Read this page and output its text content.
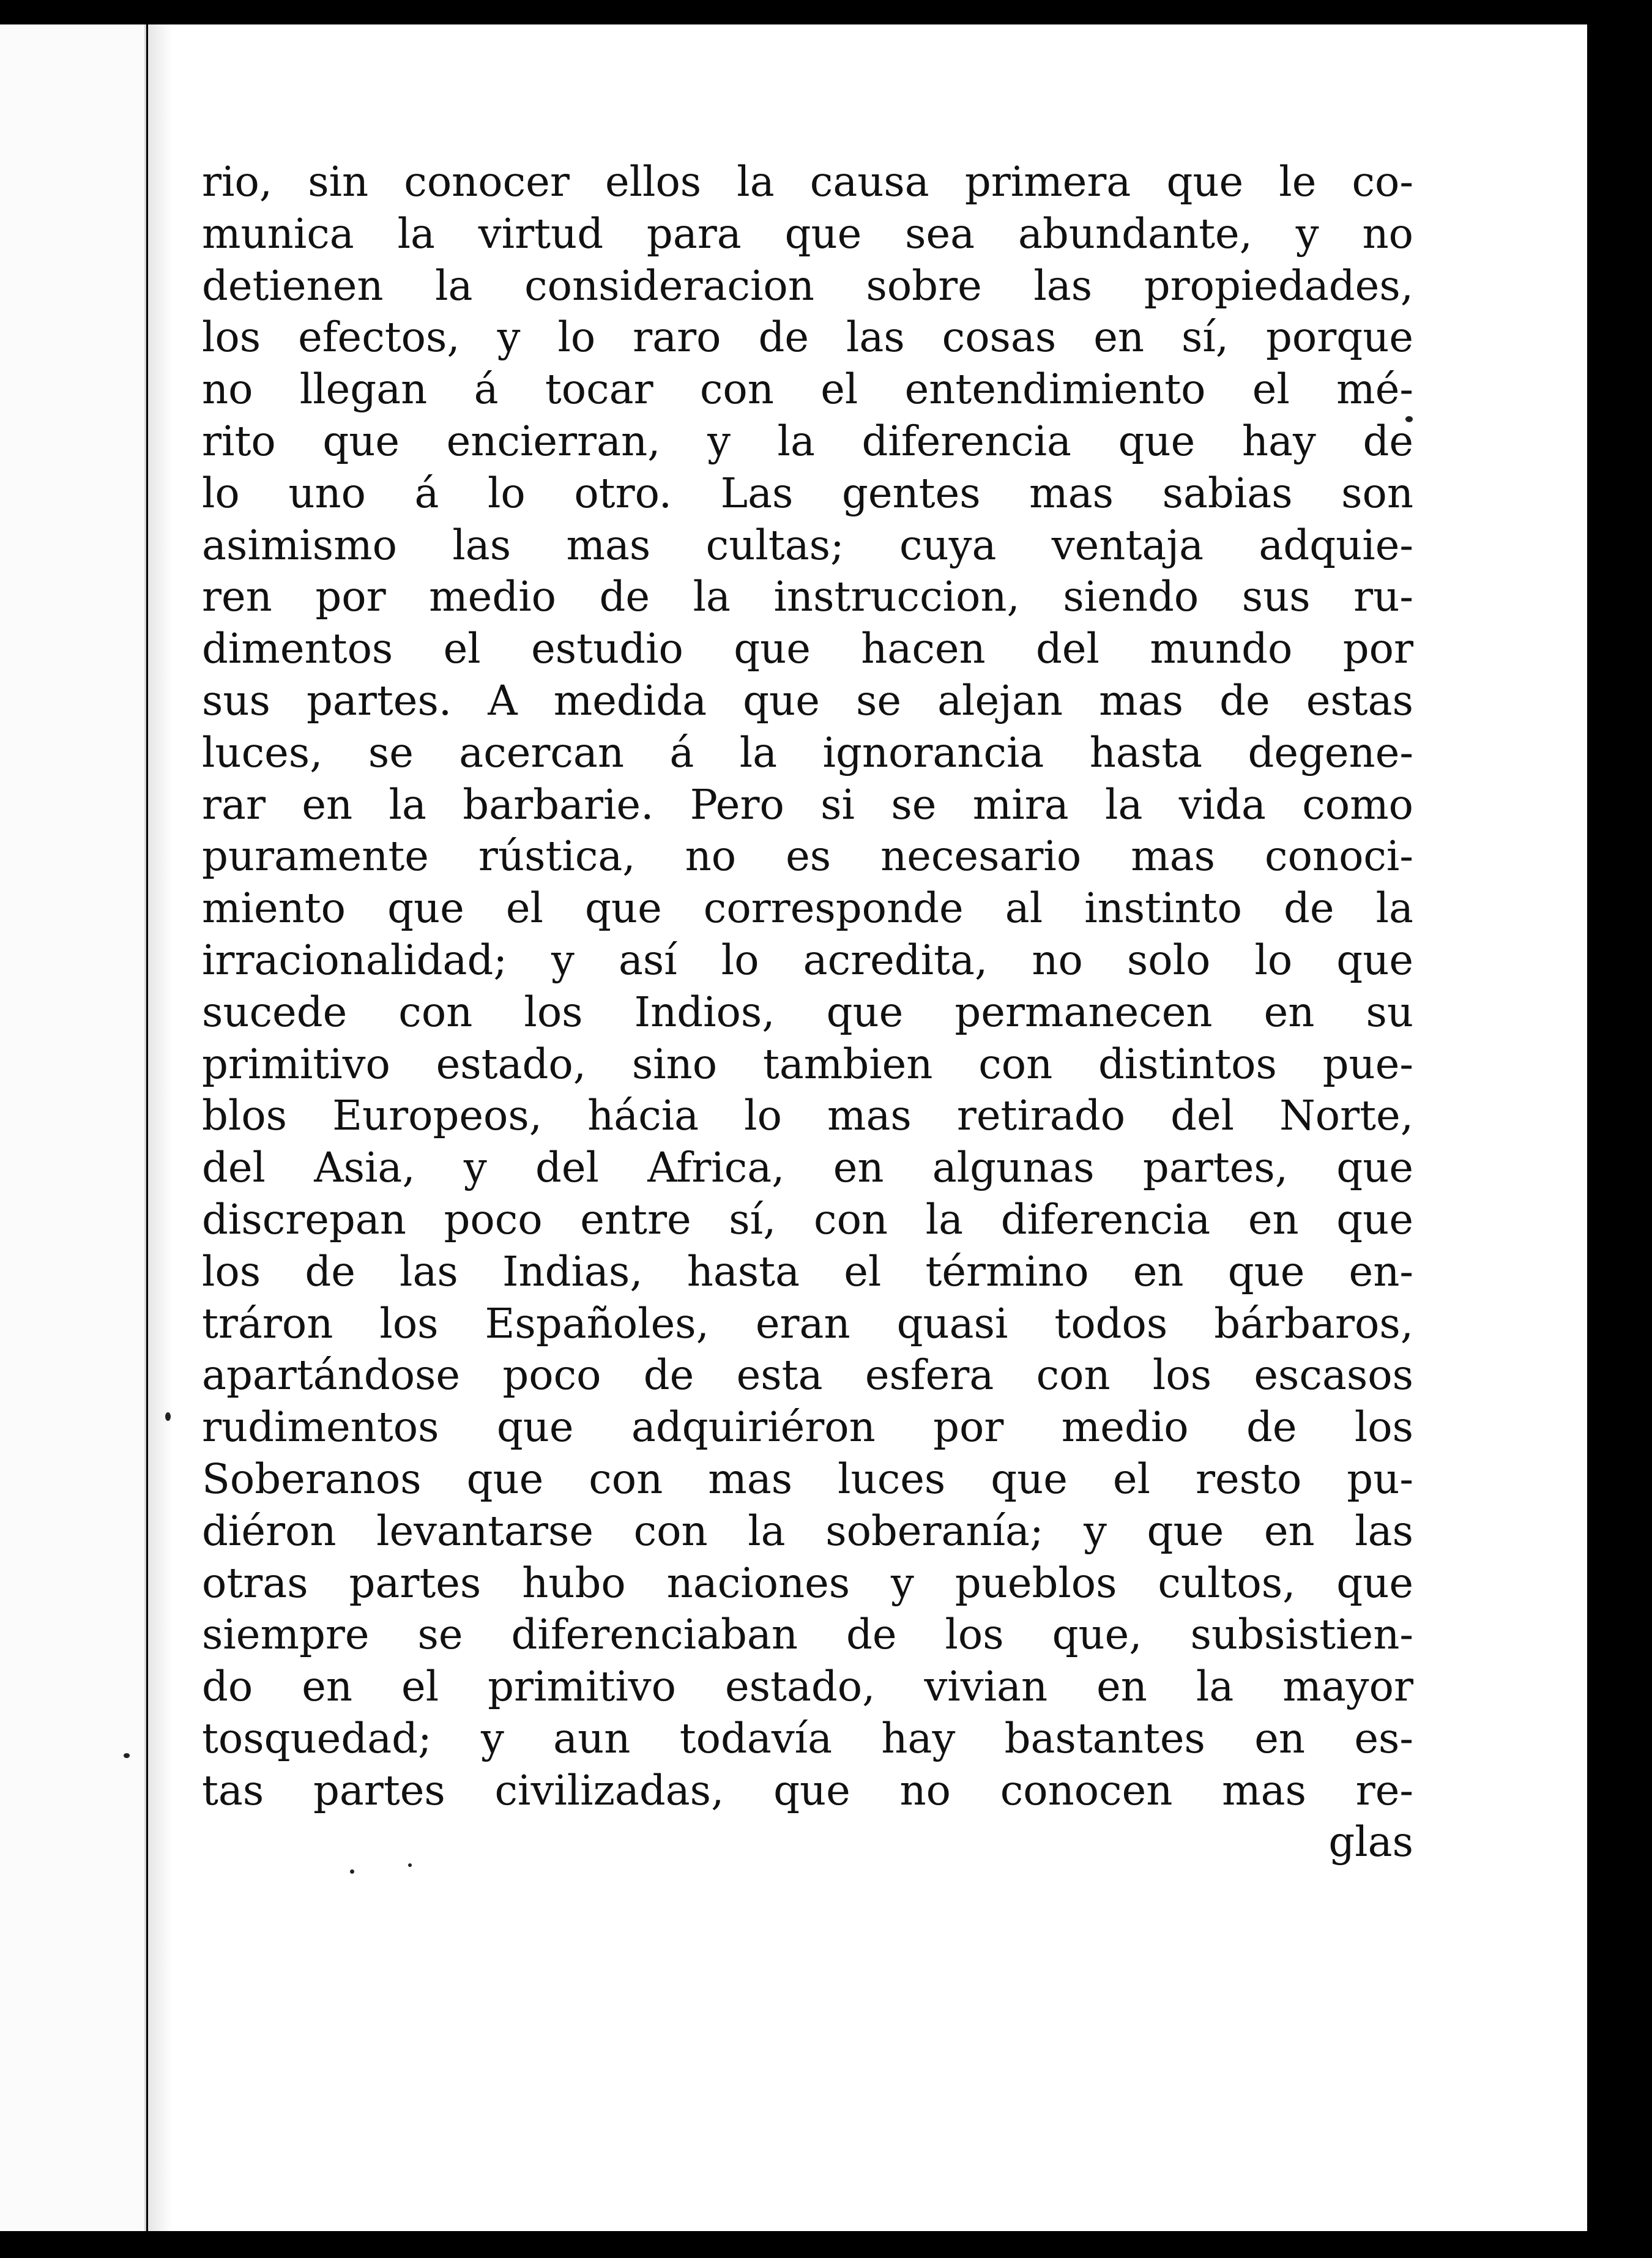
rio, sin conocer ellos la causa primera que le co-
munica la virtud para que sea abundante, y no
detienen la consideracion sobre las propiedades,
los efectos, y lo raro de las cosas en sí, porque
no llegan á tocar con el entendimiento el mé-
rito que encierran, y la diferencia que hay de
lo uno á lo otro. Las gentes mas sabias son
asimismo las mas cultas; cuya ventaja adquie-
ren por medio de la instruccion, siendo sus ru-
dimentos el estudio que hacen del mundo por
sus partes. A medida que se alejan mas de estas
luces, se acercan á la ignorancia hasta degene-
rar en la barbarie. Pero si se mira la vida como
puramente rústica, no es necesario mas conoci-
miento que el que corresponde al instinto de la
irracionalidad; y así lo acredita, no solo lo que
sucede con los Indios, que permanecen en su
primitivo estado, sino tambien con distintos pue-
blos Europeos, hácia lo mas retirado del Norte,
del Asia, y del Africa, en algunas partes, que
discrepan poco entre sí, con la diferencia en que
los de las Indias, hasta el término en que en-
tráron los Españoles, eran quasi todos bárbaros,
apartándose poco de esta esfera con los escasos
rudimentos que adquiriéron por medio de los
Soberanos que con mas luces que el resto pu-
diéron levantarse con la soberanía; y que en las
otras partes hubo naciones y pueblos cultos, que
siempre se diferenciaban de los que, subsistien-
do en el primitivo estado, vivian en la mayor
tosquedad; y aun todavía hay bastantes en es-
tas partes civilizadas, que no conocen mas re-
glas
